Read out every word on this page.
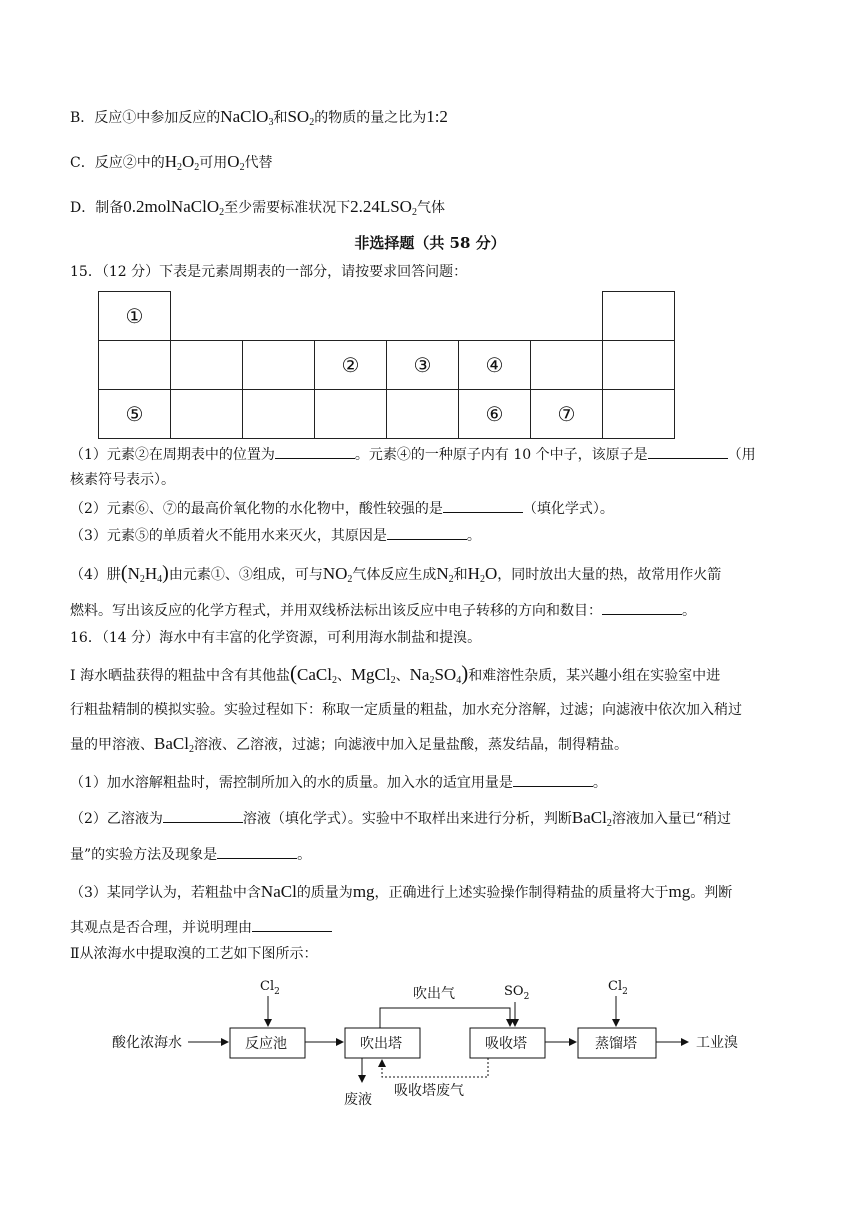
B．反应①中参加反应的NaClO$_3$和$SO_2$的物质的量之比为1:2
C．反应②中的$H_2O_2$可用$O_2$代替
D．制备0.2molNaClO$_2$至少需要标准状况下$2.24LSO_2$气体
非选择题（共 58 分）
15．（12 分）下表是元素周期表的一部分，请按要求回答问题：
①							
			②	③	④		
⑤					⑥	⑦	
（1）元素②在周期表中的位置为	。元素④的一种原子内有 10 个中子，该原子是	（用
核素符号表示）。
（2）元素⑥、⑦的最高价氧化物的水化物中，酸性较强的是	（填化学式）。
（3）元素⑤的单质着火不能用水来灭火，其原因是	。
（4）肼$(N_2H_4)$由元素①、③组成，可与$NO_2$气体反应生成$N_2$和$H_2O$，同时放出大量的热，故常用作火箭
燃料。写出该反应的化学方程式，并用双线桥法标出该反应中电子转移的方向和数目：	。
16．（14 分）海水中有丰富的化学资源，可利用海水制盐和提溴。
I 海水晒盐获得的粗盐中含有其他盐(CaCl$_2$、MgCl$_2$、$Na_2SO_4$)和难溶性杂质，某兴趣小组在实验室中进
行粗盐精制的模拟实验。实验过程如下：称取一定质量的粗盐，加水充分溶解，过滤；向滤液中依次加入稍过
量的甲溶液、BaCl$_2$溶液、乙溶液，过滤；向滤液中加入足量盐酸，蒸发结晶，制得精盐。
（1）加水溶解粗盐时，需控制所加入的水的质量。加入水的适宜用量是	。
（2）乙溶液为	溶液（填化学式）。实验中不取样出来进行分析，判断BaCl$_2$溶液加入量已“稍过
量”的实验方法及现象是	。
（3）某同学认为，若粗盐中含NaCl的质量为mg，正确进行上述实验操作制得精盐的质量将大于mg。判断
其观点是否合理，并说明理由
Ⅱ从浓海水中提取溴的工艺如下图所示：
酸化浓海水	反应池
$Cl_2$
吹出塔
废液
吹出气
吸收塔
$SO_2$
吸收塔废气
蒸馏塔
$Cl_2$
工业溴
